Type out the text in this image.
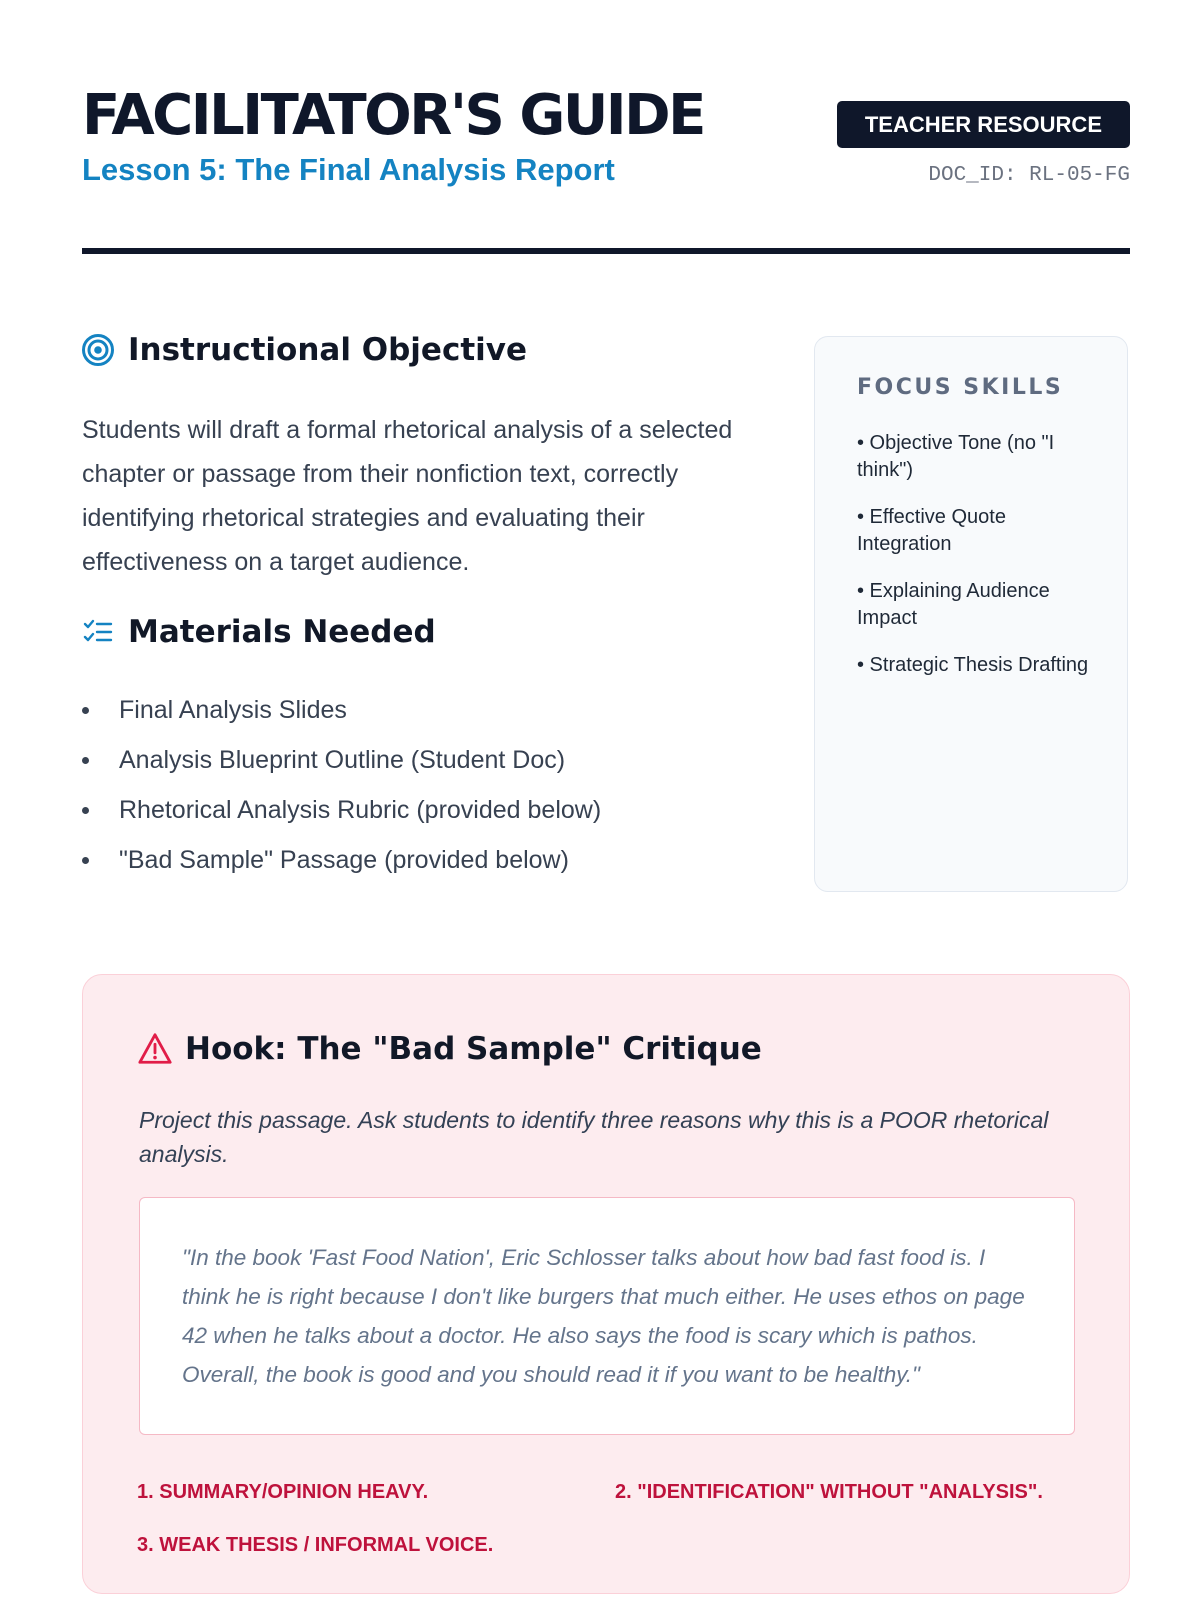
FACILITATOR'S GUIDE
Lesson 5: The Final Analysis Report
TEACHER RESOURCE
DOC_ID: RL-05-FG
Instructional Objective

Students will draft a formal rhetorical analysis of a selected chapter or passage from their nonfiction text, correctly identifying rhetorical strategies and evaluating their effectiveness on a target audience.

Materials Needed
Final Analysis Slides
Analysis Blueprint Outline (Student Doc)
Rhetorical Analysis Rubric (provided below)
"Bad Sample" Passage (provided below)
FOCUS SKILLS
• Objective Tone (no "I think")
• Effective Quote Integration
• Explaining Audience Impact
• Strategic Thesis Drafting
Hook: The "Bad Sample" Critique

Project this passage. Ask students to identify three reasons why this is a POOR rhetorical analysis.

"In the book 'Fast Food Nation', Eric Schlosser talks about how bad fast food is. I think he is right because I don't like burgers that much either. He uses ethos on page 42 when he talks about a doctor. He also says the food is scary which is pathos. Overall, the book is good and you should read it if you want to be healthy."

1. SUMMARY/OPINION HEAVY.	2. "IDENTIFICATION" WITHOUT "ANALYSIS".
3. WEAK THESIS / INFORMAL VOICE.
